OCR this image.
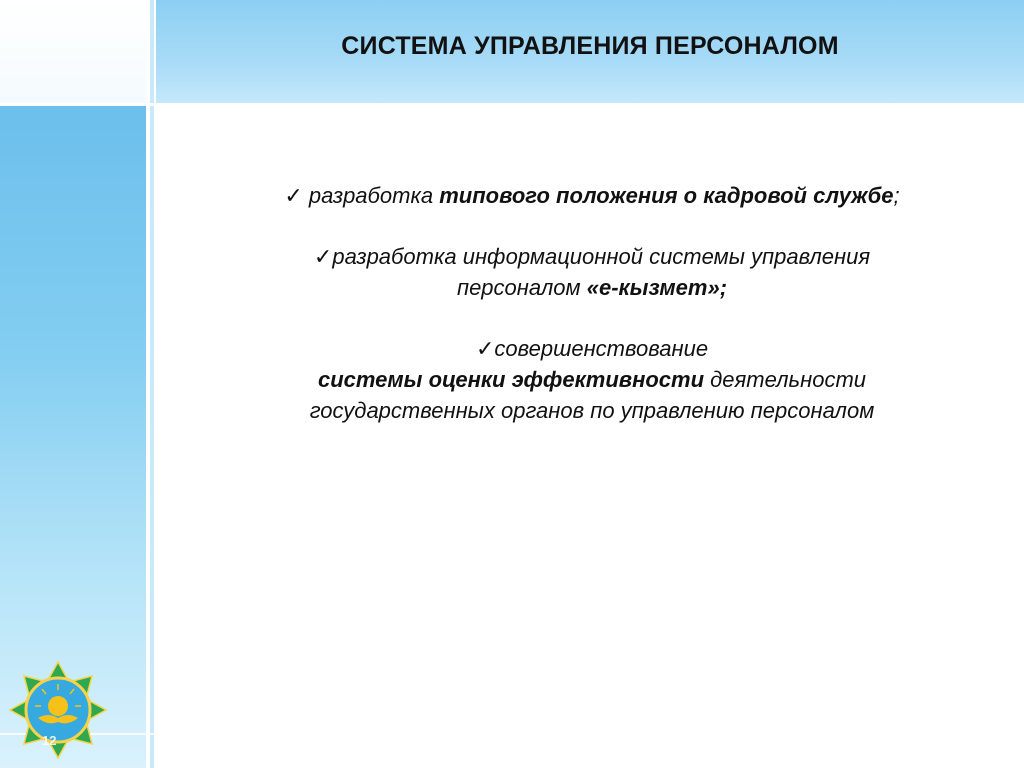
СИСТЕМА УПРАВЛЕНИЯ ПЕРСОНАЛОМ
✓ разработка типового положения о кадровой службе;
✓разработка информационной системы управления
персоналом «е-кызмет»;
✓совершенствование
системы оценки эффективности деятельности
государственных органов по управлению персоналом
12
